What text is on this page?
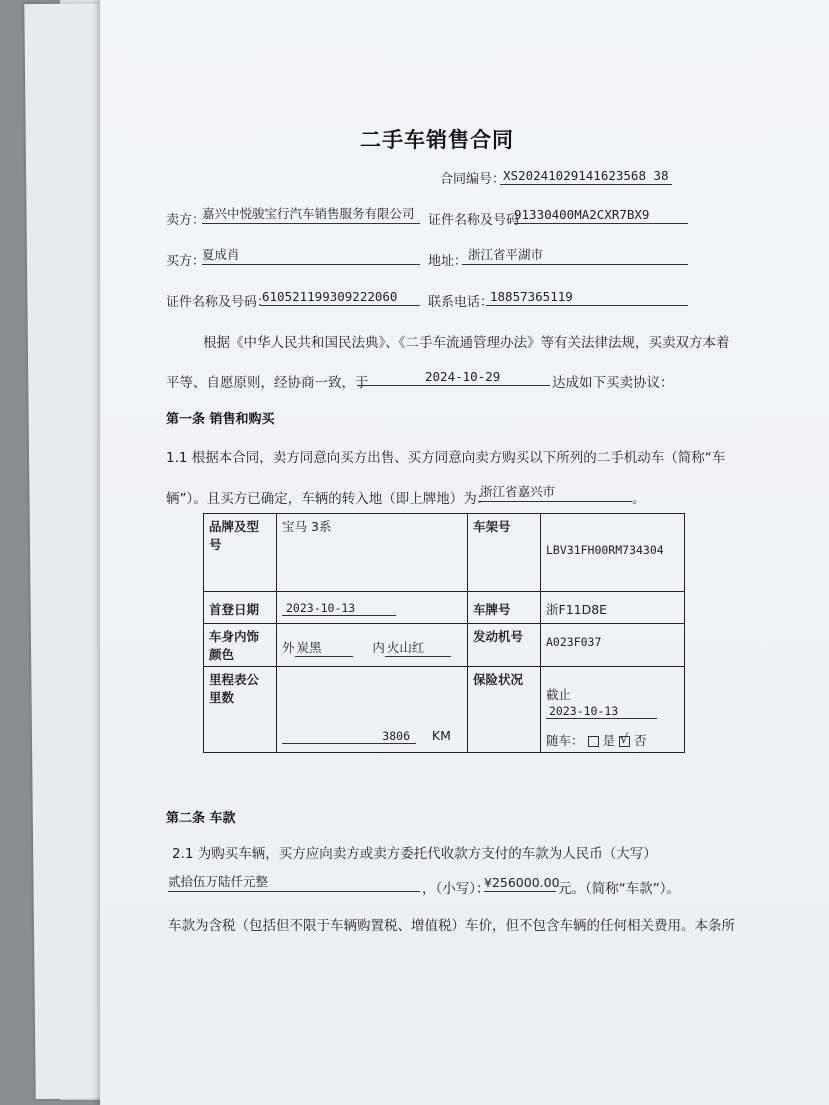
二手车销售合同
合同编号：
XS20241029141623568 38
卖方：
嘉兴中悦骏宝行汽车销售服务有限公司 证件名称及号码
91330400MA2CXR7BX9
买方：
夏成肖	地址： 浙江省平湖市
证件名称及号码：
610521199309222060 联系电话：
18857365119
根据《中华人民共和国民法典》、《二手车流通管理办法》等有关法律法规，买卖双方本着
平等、自愿原则，经协商一致，于	2024-10-29	达成如下买卖协议：
第一条 销售和购买
1.1 根据本合同，卖方同意向买方出售、买方同意向卖方购买以下所列的二手机动车（简称“车
辆”）。且买方已确定，车辆的转入地（即上牌地）为：
浙江省嘉兴市	。
品牌及型号	宝马 3系	车架号	LBV31FH00RM734304
首登日期	2023-10-13	车牌号	浙F11D8E
车身内饰颜色	外 炭黑 内 火山红	发动机号	A023F037
里程表公里数	3806 KM	保险状况	截止2023-10-13
随车： 是 √ 否
第二条 车款
2.1 为购买车辆，买方应向卖方或卖方委托代收款方支付的车款为人民币（大写）
贰拾伍万陆仟元整	，（小写）：
¥256000.00
元。（简称“车款”）。
车款为含税（包括但不限于车辆购置税、增值税）车价，但不包含车辆的任何相关费用。本条所
